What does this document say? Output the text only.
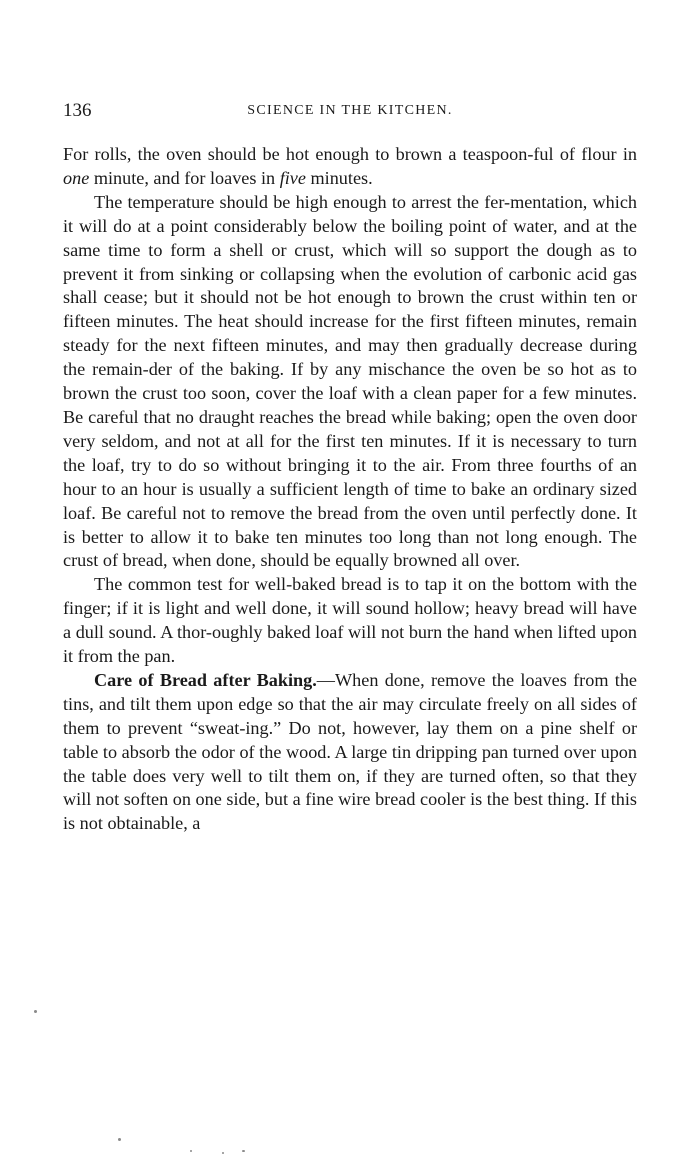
136	SCIENCE IN THE KITCHEN.

For rolls, the oven should be hot enough to brown a teaspoon-ful of flour in one minute, and for loaves in five minutes.

The temperature should be high enough to arrest the fer-mentation, which it will do at a point considerably below the boiling point of water, and at the same time to form a shell or crust, which will so support the dough as to prevent it from sinking or collapsing when the evolution of carbonic acid gas shall cease; but it should not be hot enough to brown the crust within ten or fifteen minutes. The heat should increase for the first fifteen minutes, remain steady for the next fifteen minutes, and may then gradually decrease during the remain-der of the baking. If by any mischance the oven be so hot as to brown the crust too soon, cover the loaf with a clean paper for a few minutes. Be careful that no draught reaches the bread while baking; open the oven door very seldom, and not at all for the first ten minutes. If it is necessary to turn the loaf, try to do so without bringing it to the air. From three fourths of an hour to an hour is usually a sufficient length of time to bake an ordinary sized loaf. Be careful not to remove the bread from the oven until perfectly done. It is better to allow it to bake ten minutes too long than not long enough. The crust of bread, when done, should be equally browned all over.

The common test for well-baked bread is to tap it on the bottom with the finger; if it is light and well done, it will sound hollow; heavy bread will have a dull sound. A thor-oughly baked loaf will not burn the hand when lifted upon it from the pan.

Care of Bread after Baking.—When done, remove the loaves from the tins, and tilt them upon edge so that the air may circulate freely on all sides of them to prevent “sweat-ing.” Do not, however, lay them on a pine shelf or table to absorb the odor of the wood. A large tin dripping pan turned over upon the table does very well to tilt them on, if they are turned often, so that they will not soften on one side, but a fine wire bread cooler is the best thing. If this is not obtainable, a
